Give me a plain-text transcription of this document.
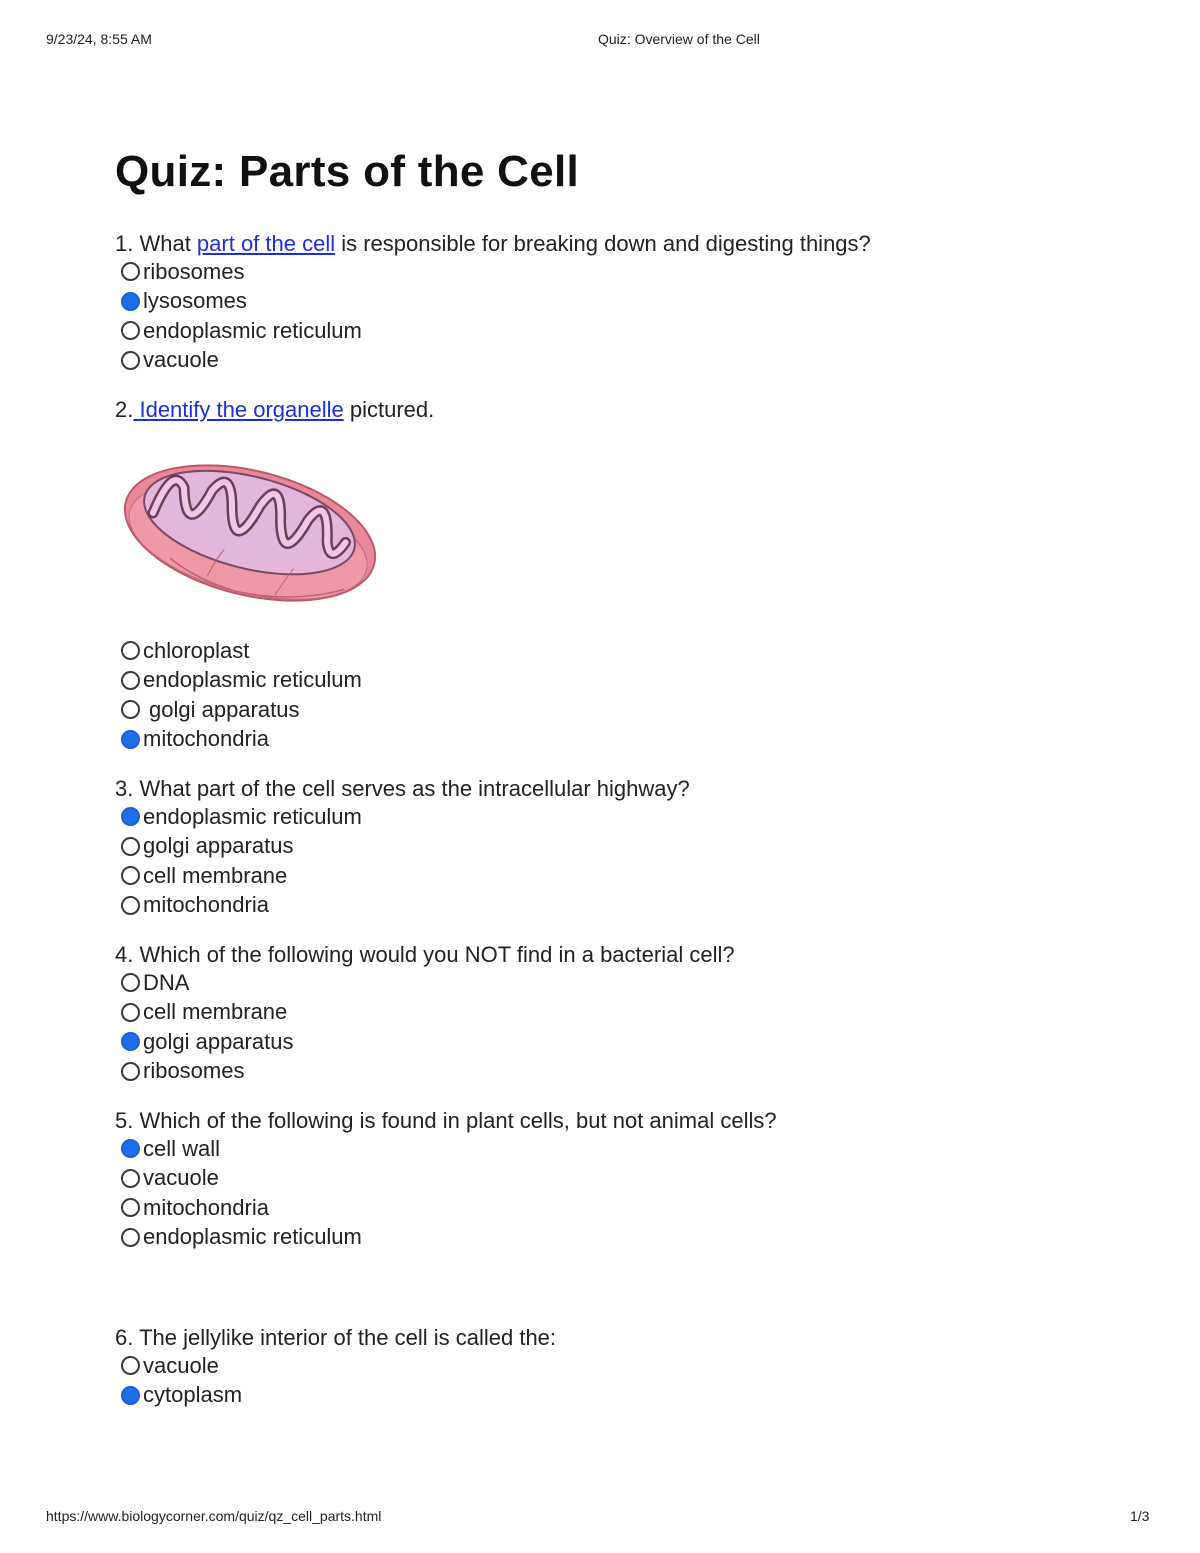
9/23/24, 8:55 AM	Quiz: Overview of the Cell
Quiz: Parts of the Cell
1. What part of the cell is responsible for breaking down and digesting things?
ribosomes
lysosomes
endoplasmic reticulum
vacuole
2. Identify the organelle pictured.
chloroplast
endoplasmic reticulum
golgi apparatus
mitochondria
3. What part of the cell serves as the intracellular highway?
endoplasmic reticulum
golgi apparatus
cell membrane
mitochondria
4. Which of the following would you NOT find in a bacterial cell?
DNA
cell membrane
golgi apparatus
ribosomes
5. Which of the following is found in plant cells, but not animal cells?
cell wall
vacuole
mitochondria
endoplasmic reticulum
6. The jellylike interior of the cell is called the:
vacuole
cytoplasm
https://www.biologycorner.com/quiz/qz_cell_parts.html	1/3
